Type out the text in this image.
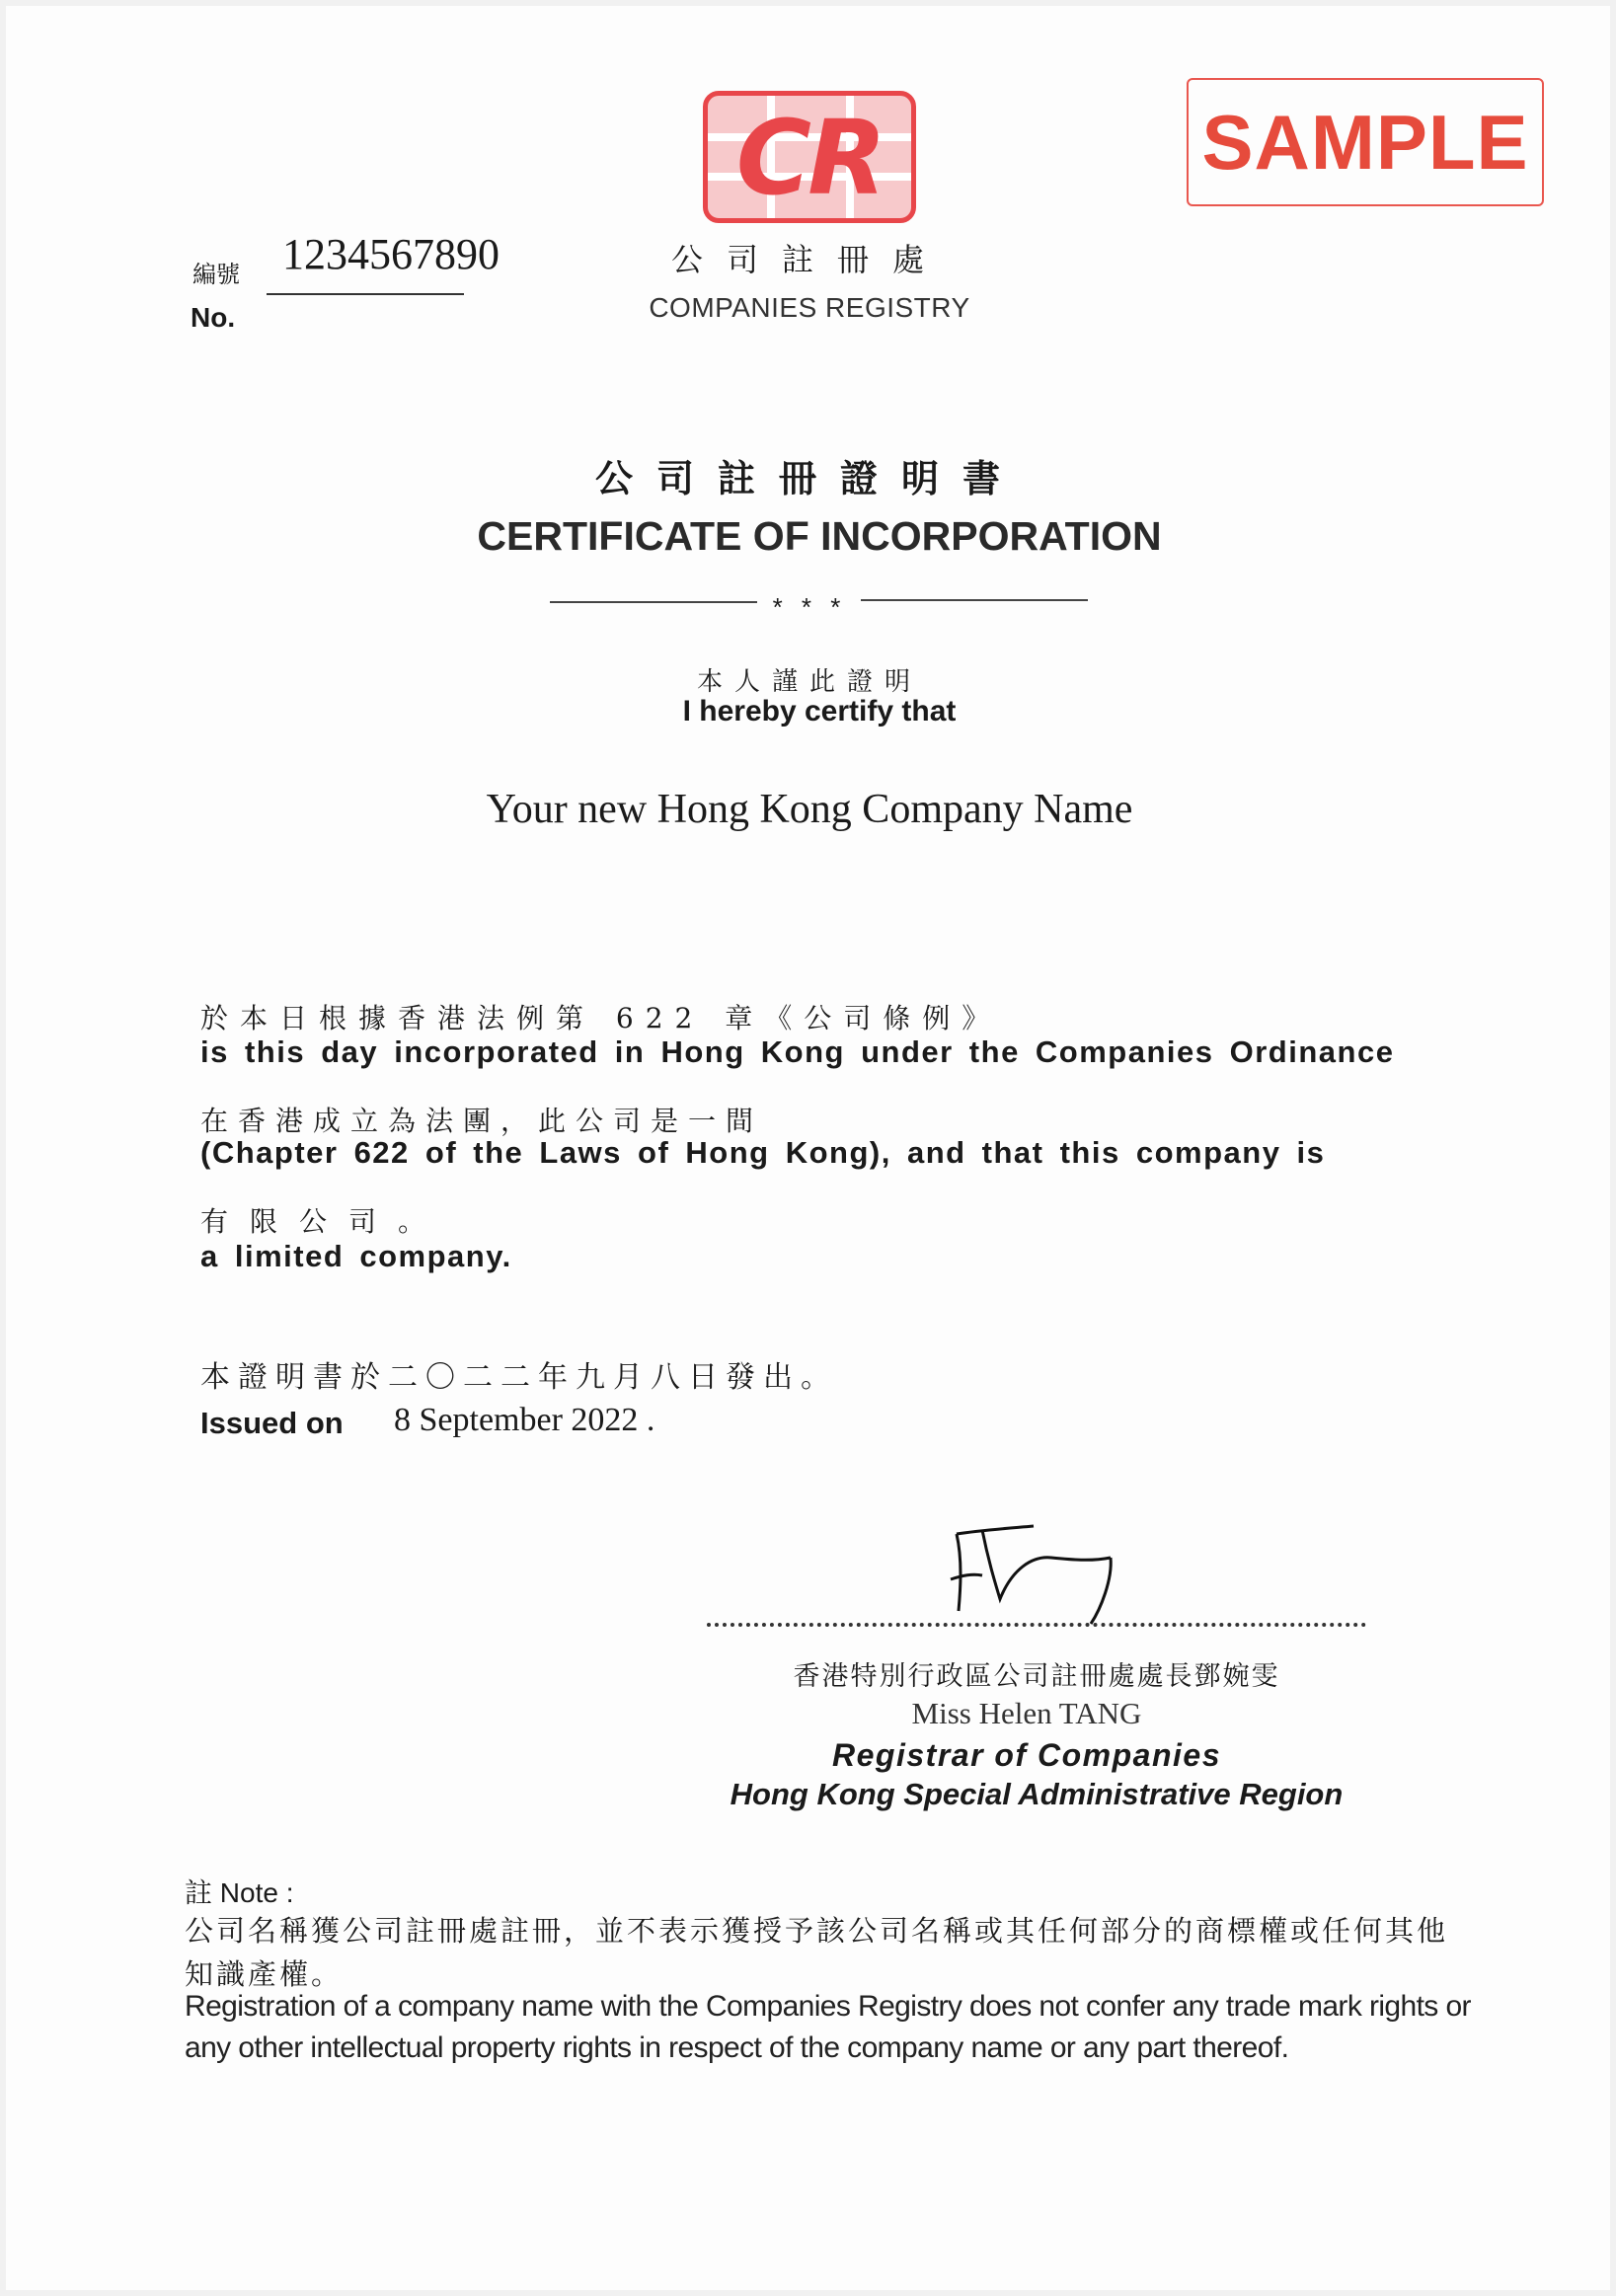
CR
公司註冊處
COMPANIES REGISTRY
SAMPLE
編號
No.
1234567890
公司註冊證明書
CERTIFICATE OF INCORPORATION
* * *
本人謹此證明
I hereby certify that
Your new Hong Kong Company Name
於本日根據香港法例第 622 章《公司條例》
is this day incorporated in Hong Kong under the Companies Ordinance
在香港成立為法團，此公司是一間
(Chapter 622 of the Laws of Hong Kong), and that this company is
有限公司。
a limited company.
本證明書於二〇二二年九月八日發出。
Issued on 8 September 2022 .
香港特別行政區公司註冊處處長鄧婉雯
Miss Helen TANG
Registrar of Companies
Hong Kong Special Administrative Region
註 Note :
公司名稱獲公司註冊處註冊，並不表示獲授予該公司名稱或其任何部分的商標權或任何其他知識產權。
Registration of a company name with the Companies Registry does not confer any trade mark rights or any other intellectual property rights in respect of the company name or any part thereof.
